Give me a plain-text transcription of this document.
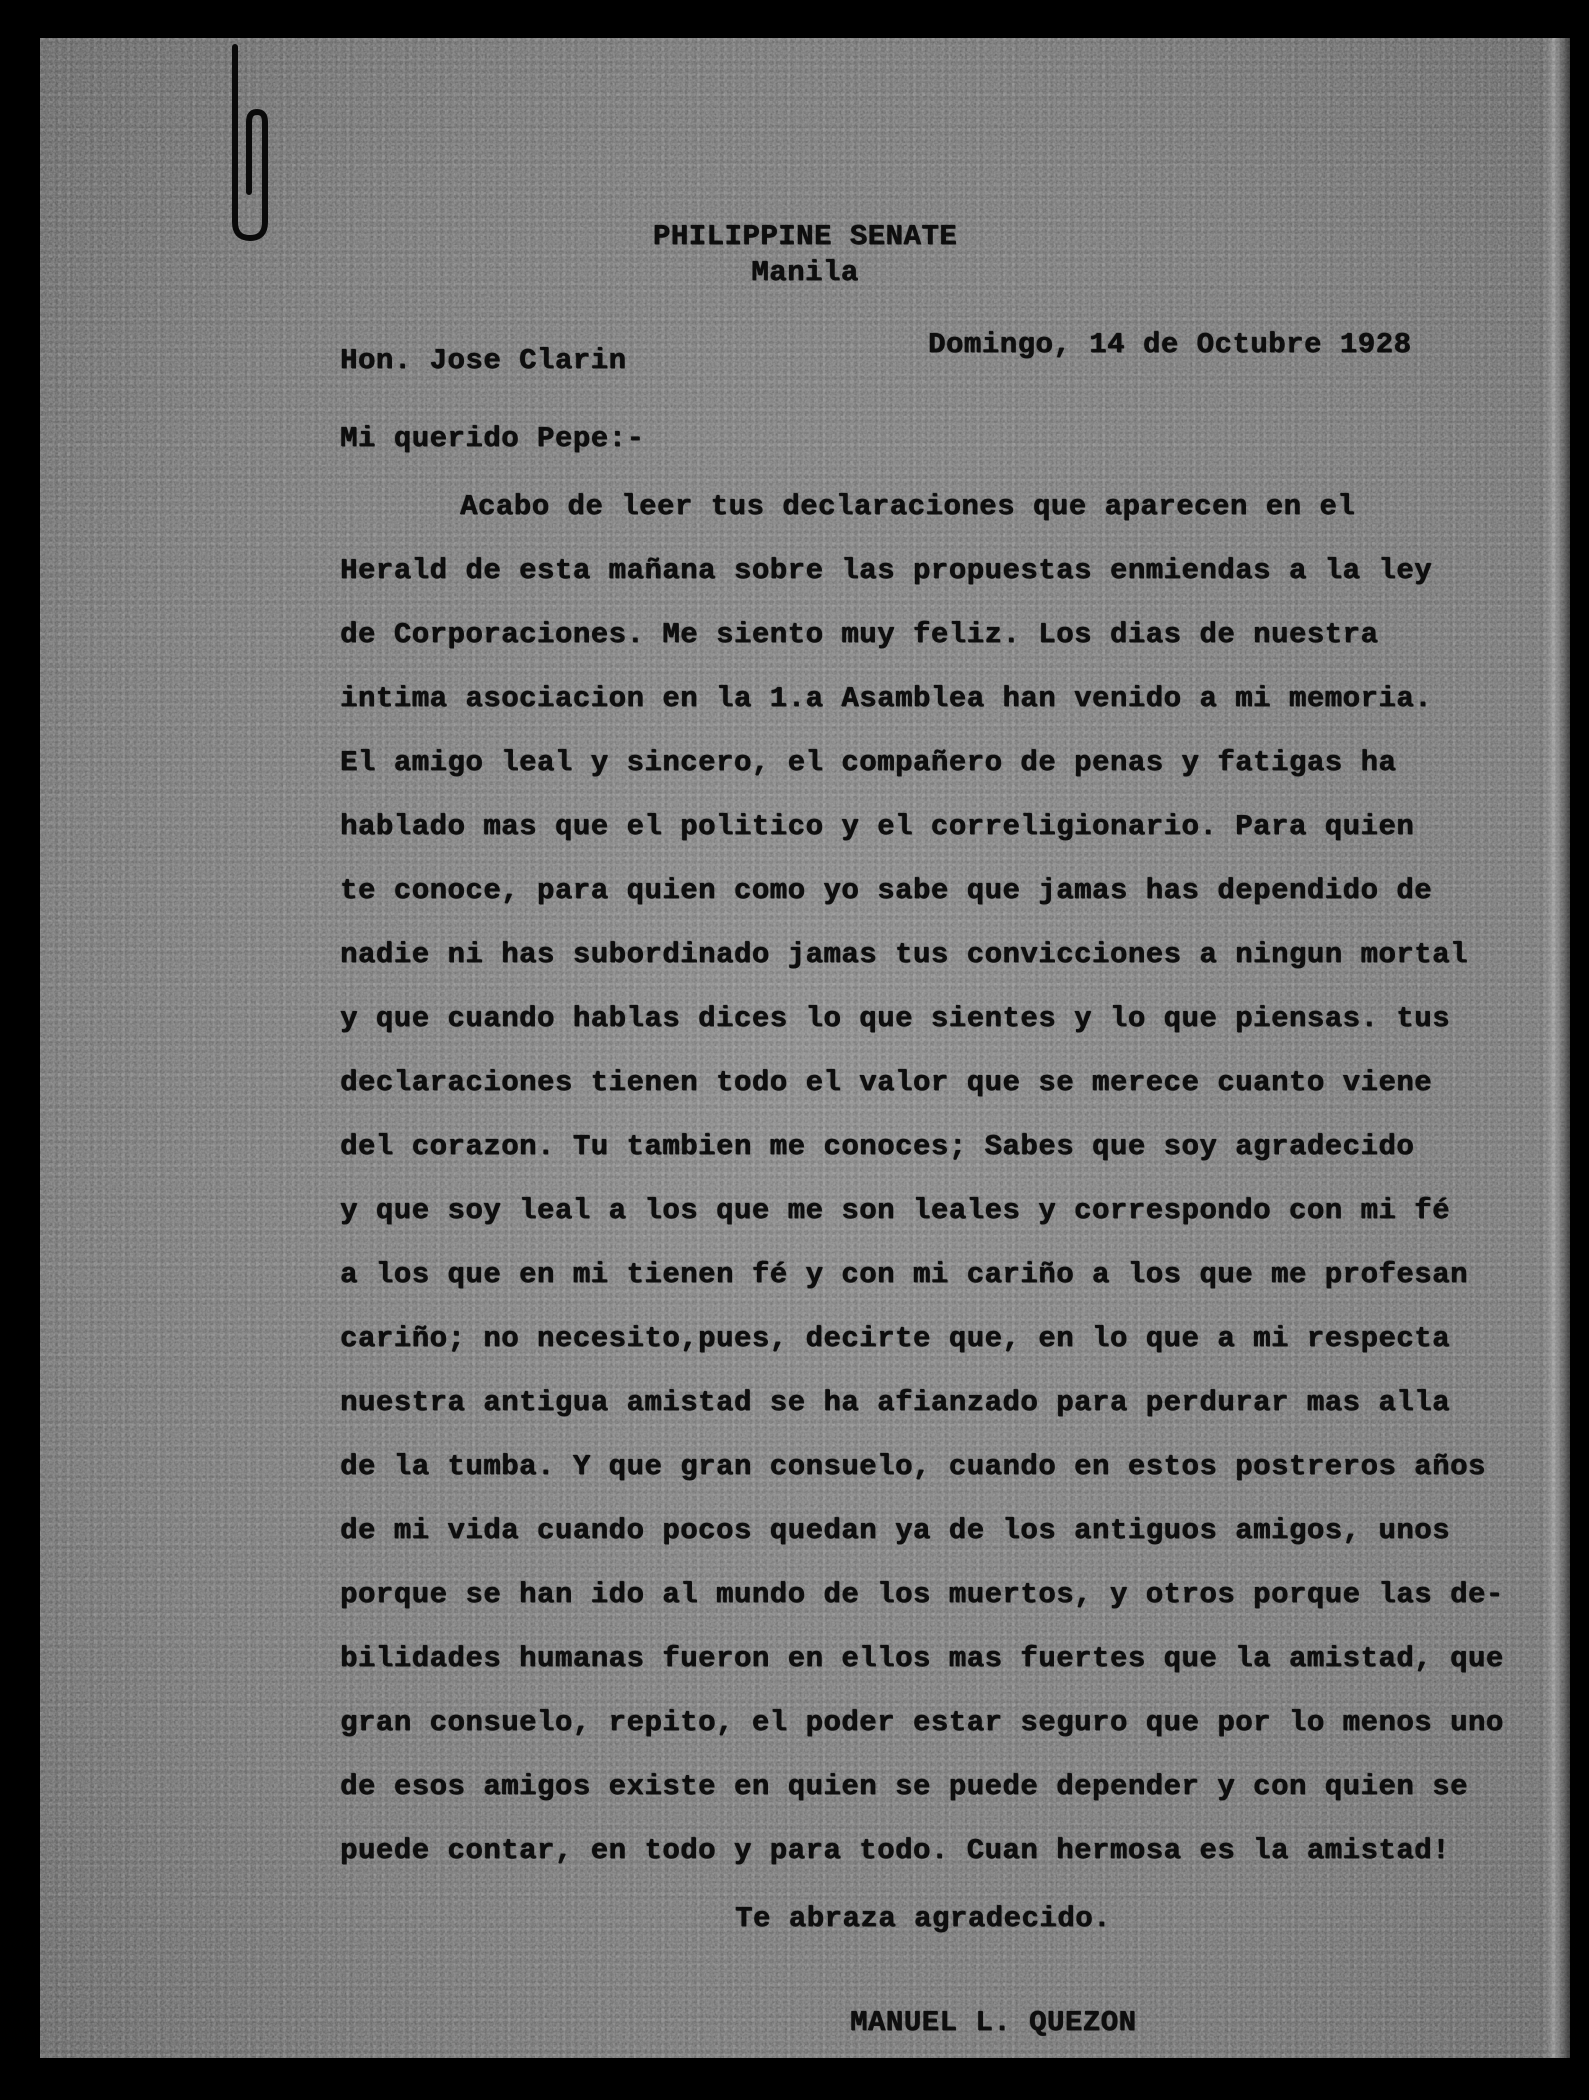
PHILIPPINE SENATE
Manila
Domingo, 14 de Octubre 1928
Hon. Jose Clarin
Mi querido Pepe:-
Acabo de leer tus declaraciones que aparecen en el
Herald de esta mañana sobre las propuestas enmiendas a la ley
de Corporaciones. Me siento muy feliz. Los dias de nuestra
intima asociacion en la 1.a Asamblea han venido a mi memoria.
El amigo leal y sincero, el compañero de penas y fatigas ha
hablado mas que el politico y el correligionario. Para quien
te conoce, para quien como yo sabe que jamas has dependido de
nadie ni has subordinado jamas tus convicciones a ningun mortal
y que cuando hablas dices lo que sientes y lo que piensas. tus
declaraciones tienen todo el valor que se merece cuanto viene
del corazon. Tu tambien me conoces; Sabes que soy agradecido
y que soy leal a los que me son leales y correspondo con mi fé
a los que en mi tienen fé y con mi cariño a los que me profesan
cariño; no necesito,pues, decirte que, en lo que a mi respecta
nuestra antigua amistad se ha afianzado para perdurar mas alla
de la tumba. Y que gran consuelo, cuando en estos postreros años
de mi vida cuando pocos quedan ya de los antiguos amigos, unos
porque se han ido al mundo de los muertos, y otros porque las de-
bilidades humanas fueron en ellos mas fuertes que la amistad, que
gran consuelo, repito, el poder estar seguro que por lo menos uno
de esos amigos existe en quien se puede depender y con quien se
puede contar, en todo y para todo. Cuan hermosa es la amistad!
Te abraza agradecido.
MANUEL L. QUEZON
